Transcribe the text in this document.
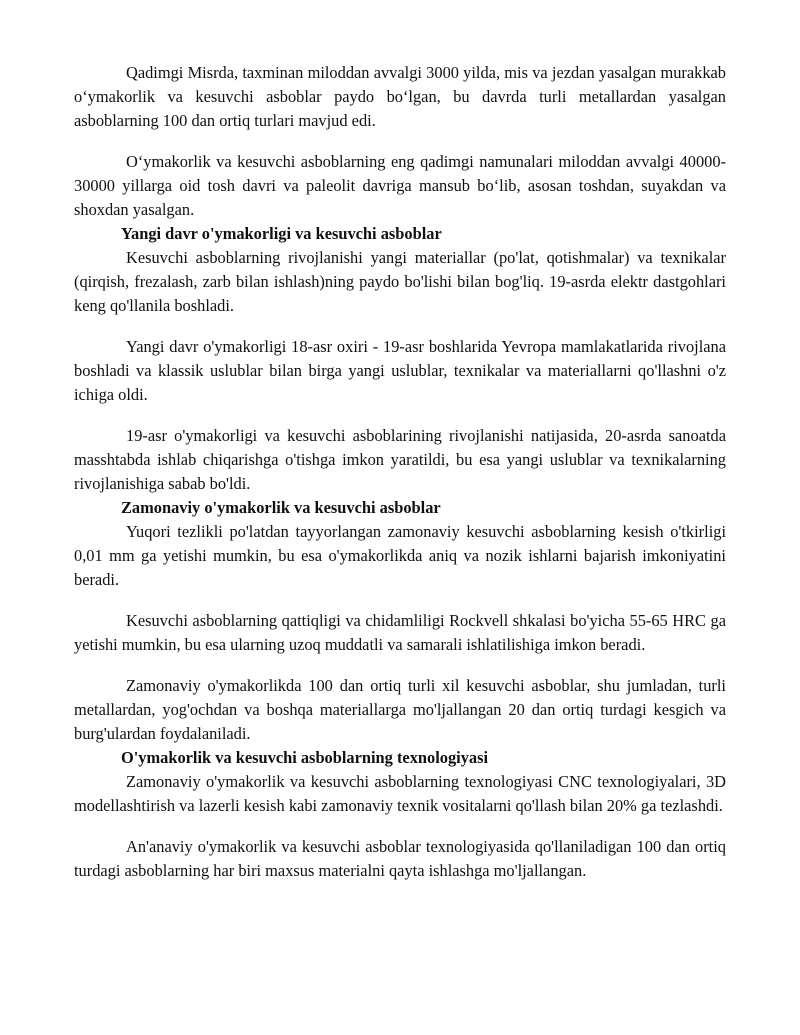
Qadimgi Misrda, taxminan miloddan avvalgi 3000 yilda, mis va jezdan yasalgan murakkab oʻymakorlik va kesuvchi asboblar paydo boʻlgan, bu davrda turli metallardan yasalgan asboblarning 100 dan ortiq turlari mavjud edi.

Oʻymakorlik va kesuvchi asboblarning eng qadimgi namunalari miloddan avvalgi 40000-30000 yillarga oid tosh davri va paleolit davriga mansub boʻlib, asosan toshdan, suyakdan va shoxdan yasalgan.

Yangi davr o'ymakorligi va kesuvchi asboblar

Kesuvchi asboblarning rivojlanishi yangi materiallar (po'lat, qotishmalar) va texnikalar (qirqish, frezalash, zarb bilan ishlash)ning paydo bo'lishi bilan bog'liq. 19-asrda elektr dastgohlari keng qo'llanila boshladi.

Yangi davr o'ymakorligi 18-asr oxiri - 19-asr boshlarida Yevropa mamlakatlarida rivojlana boshladi va klassik uslublar bilan birga yangi uslublar, texnikalar va materiallarni qo'llashni o'z ichiga oldi.

19-asr o'ymakorligi va kesuvchi asboblarining rivojlanishi natijasida, 20-asrda sanoatda masshtabda ishlab chiqarishga o'tishga imkon yaratildi, bu esa yangi uslublar va texnikalarning rivojlanishiga sabab bo'ldi.

Zamonaviy o'ymakorlik va kesuvchi asboblar

Yuqori tezlikli po'latdan tayyorlangan zamonaviy kesuvchi asboblarning kesish o'tkirligi 0,01 mm ga yetishi mumkin, bu esa o'ymakorlikda aniq va nozik ishlarni bajarish imkoniyatini beradi.

Kesuvchi asboblarning qattiqligi va chidamliligi Rockvell shkalasi bo'yicha 55-65 HRC ga yetishi mumkin, bu esa ularning uzoq muddatli va samarali ishlatilishiga imkon beradi.

Zamonaviy o'ymakorlikda 100 dan ortiq turli xil kesuvchi asboblar, shu jumladan, turli metallardan, yog'ochdan va boshqa materiallarga mo'ljallangan 20 dan ortiq turdagi kesgich va burg'ulardan foydalaniladi.

O'ymakorlik va kesuvchi asboblarning texnologiyasi

Zamonaviy o'ymakorlik va kesuvchi asboblarning texnologiyasi CNC texnologiyalari, 3D modellashtirish va lazerli kesish kabi zamonaviy texnik vositalarni qo'llash bilan 20% ga tezlashdi.

An'anaviy o'ymakorlik va kesuvchi asboblar texnologiyasida qo'llaniladigan 100 dan ortiq turdagi asboblarning har biri maxsus materialni qayta ishlashga mo'ljallangan.
